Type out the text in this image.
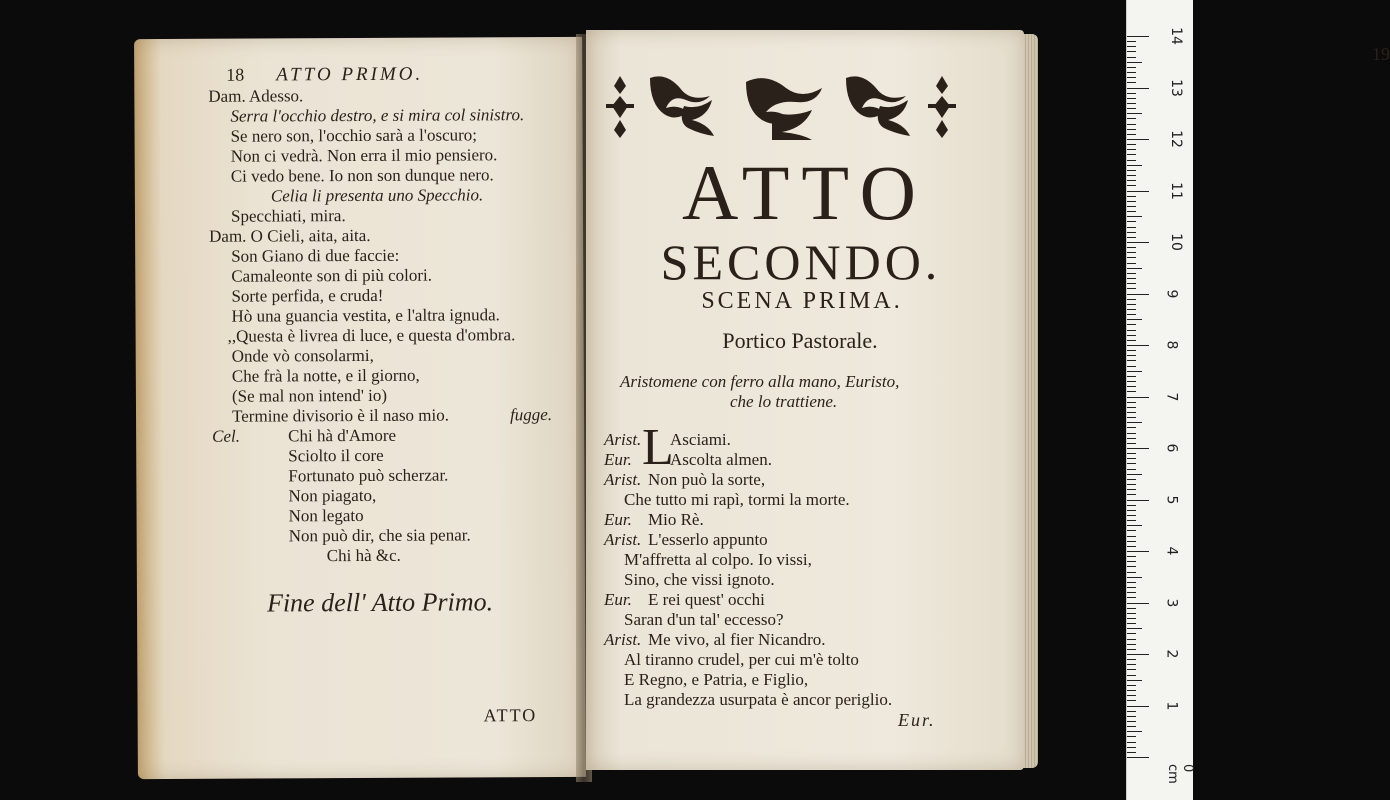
18 ATTO PRIMO.
Dam. Adesso.
Serra l'occhio destro, e si mira col sinistro.
Se nero son, l'occhio sarà a l'oscuro;
Non ci vedrà. Non erra il mio pensiero.
Ci vedo bene. Io non son dunque nero.
Celia li presenta uno Specchio.
Specchiati, mira.
Dam. O Cieli, aita, aita.
Son Giano di due faccie:
Camaleonte son di più colori.
Sorte perfida, e cruda!
Hò una guancia vestita, e l'altra ignuda.
,,Questa è livrea di luce, e questa d'ombra.
Onde vò consolarmi,
Che frà la notte, e il giorno,
(Se mal non intend' io)
Termine divisorio è il naso mio.	fugge.
Cel.	Chi hà d'Amore
Sciolto il core
Fortunato può scherzar.
Non piagato,
Non legato
Non può dir, che sia penar.
Chi hà &c.
Fine dell' Atto Primo.
ATTO
19
ATTO
SECONDO.
SCENA PRIMA.
Portico Pastorale.
Aristomene con ferro alla mano, Euristo,
che lo trattiene.
L
Arist. Asciami.
Eur. Ascolta almen.
Arist. Non può la sorte,
Che tutto mi rapì, tormi la morte.
Eur. Mio Rè.
Arist. L'esserlo appunto
M'affretta al colpo. Io vissi,
Sino, che vissi ignoto.
Eur. E rei quest' occhi
Saran d'un tal' eccesso?
Arist. Me vivo, al fier Nicandro.
Al tiranno crudel, per cui m'è tolto
E Regno, e Patria, e Figlio,
La grandezza usurpata è ancor periglio.
Eur.
14
13
12
11
10
9
8
7
6
5
4
3
2
1
0 cm
